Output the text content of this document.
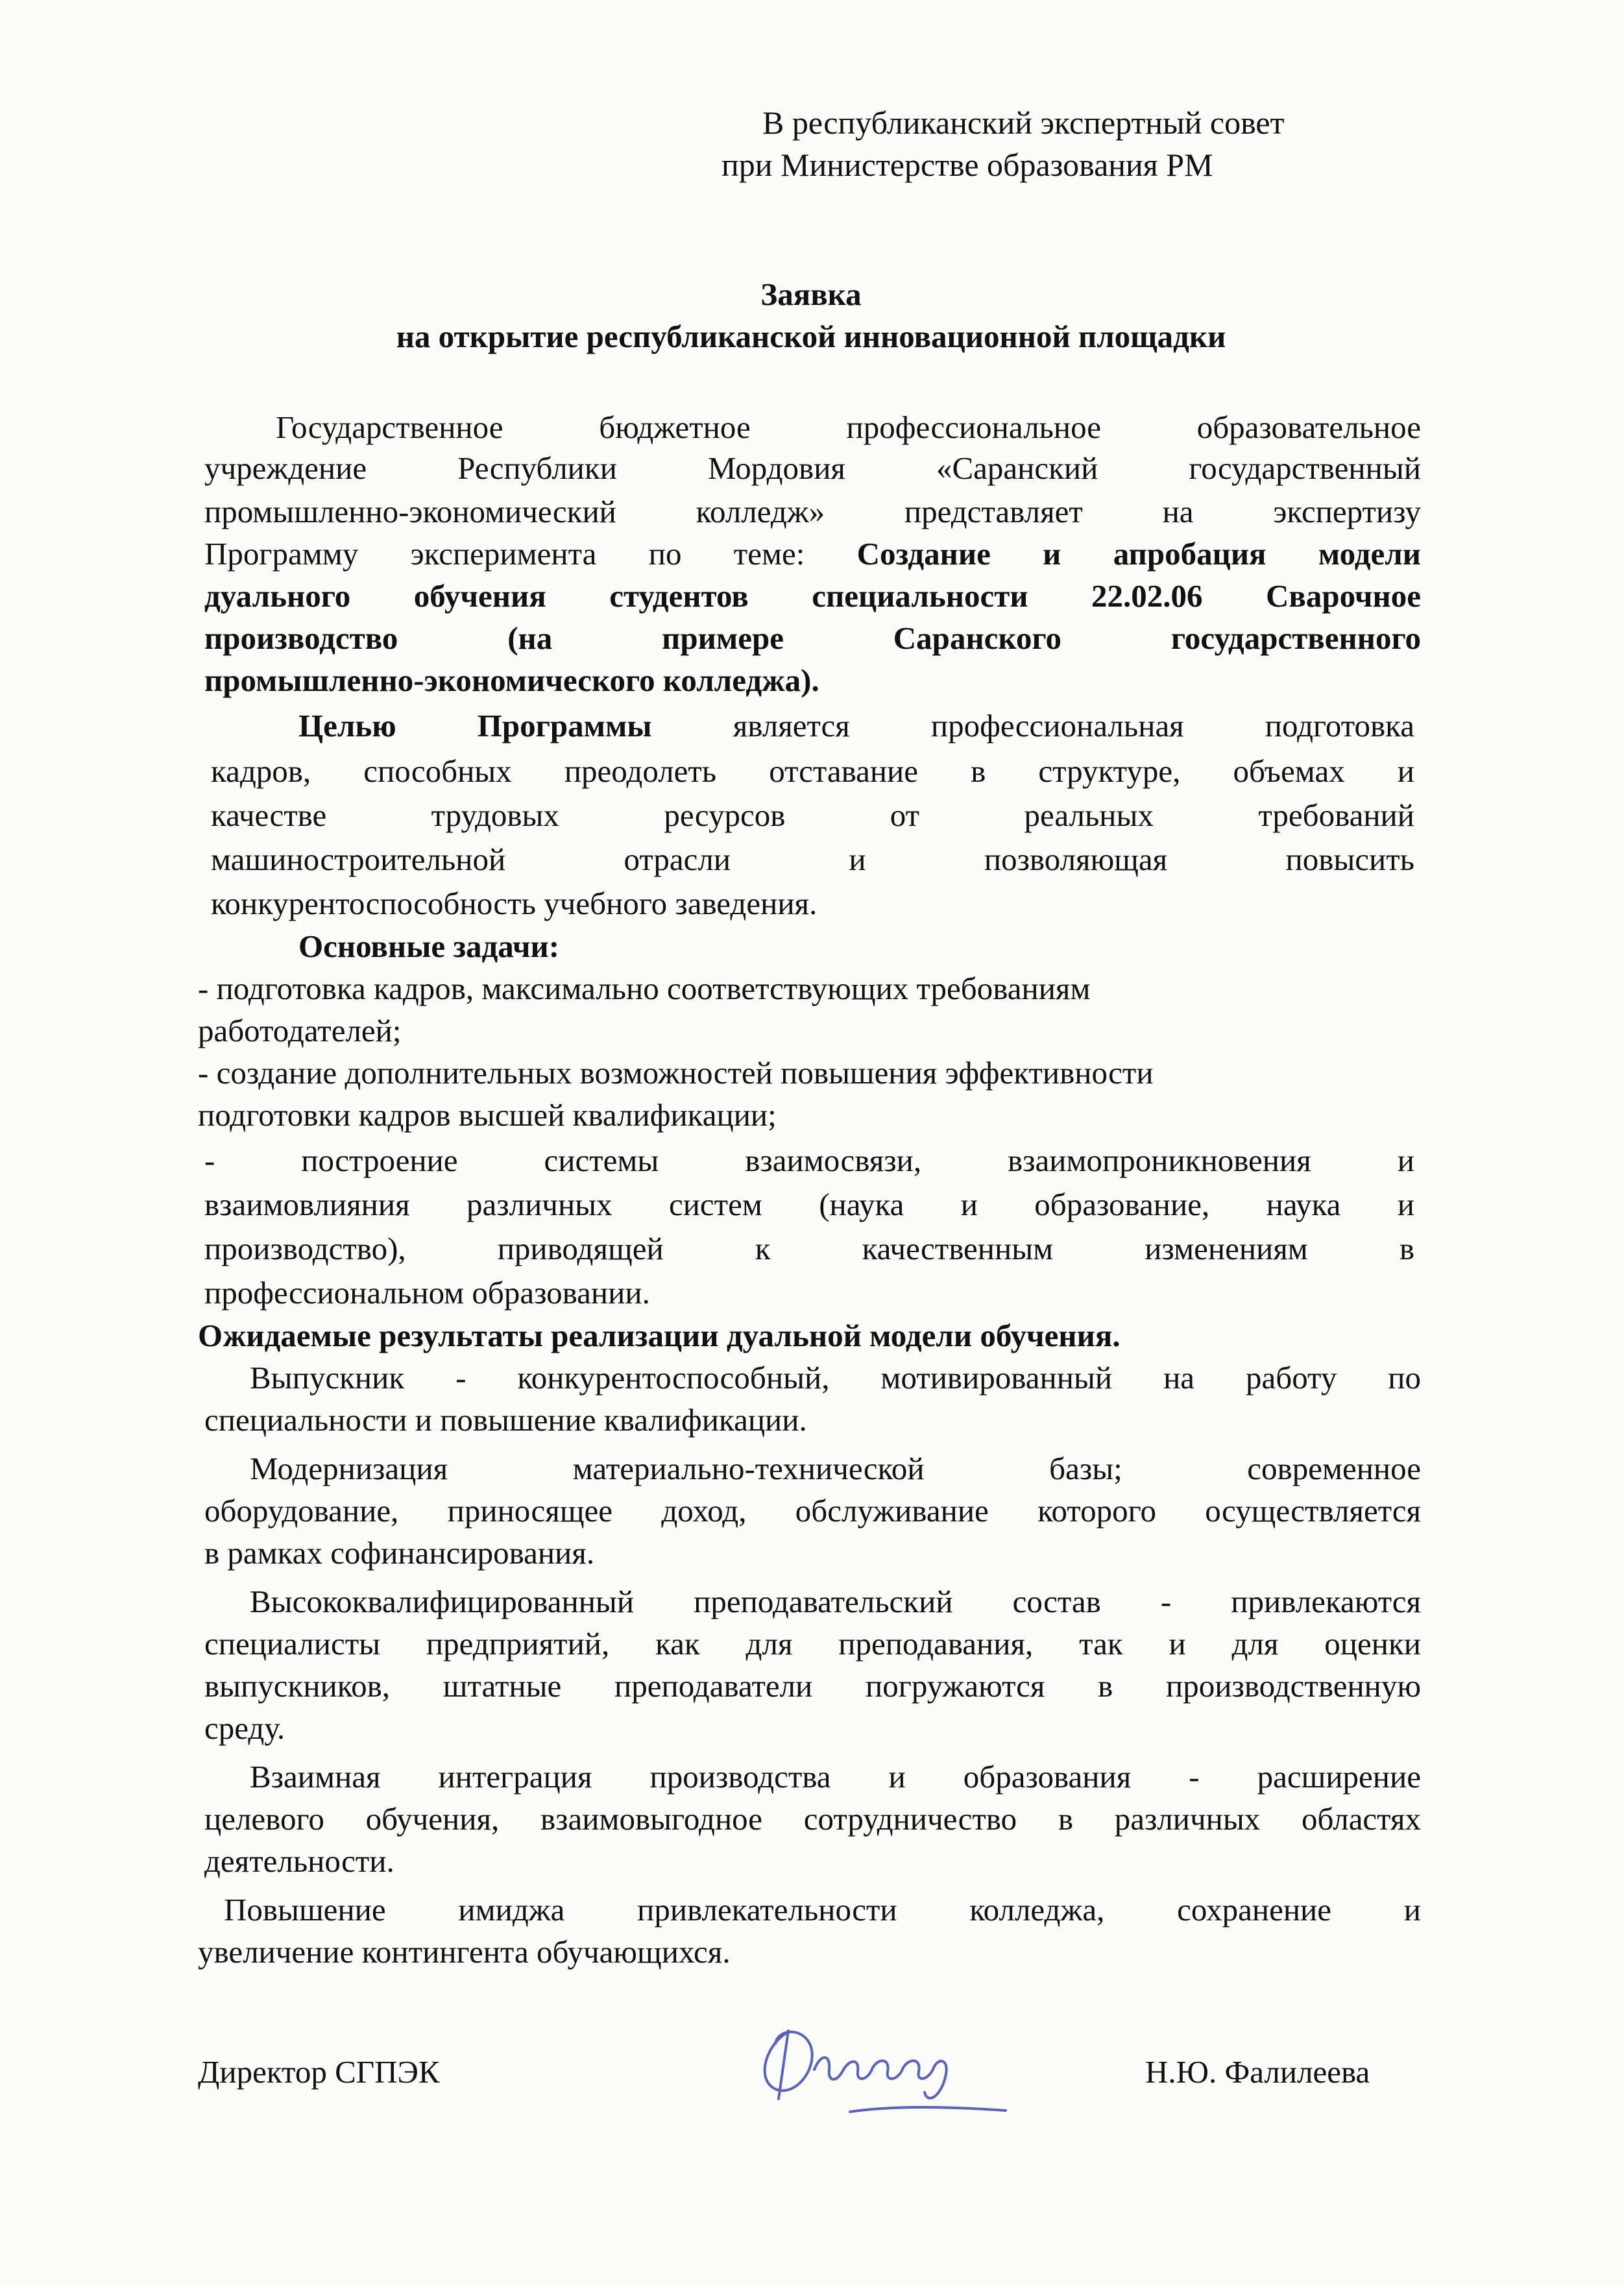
В республиканский экспертный совет
при Министерстве образования РМ
Заявка
на открытие республиканской инновационной площадки
Государственное бюджетное профессиональное образовательное
учреждение Республики Мордовия «Саранский государственный
промышленно-экономический колледж» представляет на экспертизу
Программу эксперимента по теме: Создание и апробация модели
дуального обучения студентов специальности 22.02.06 Сварочное
производство (на примере Саранского государственного
промышленно-экономического колледжа).
Целью Программы является профессиональная подготовка
кадров, способных преодолеть отставание в структуре, объемах и
качестве трудовых ресурсов от реальных требований
машиностроительной отрасли и позволяющая повысить
конкурентоспособность учебного заведения.
Основные задачи:
- подготовка кадров, максимально соответствующих требованиям
работодателей;
- создание дополнительных возможностей повышения эффективности
подготовки кадров высшей квалификации;
- построение системы взаимосвязи, взаимопроникновения и
взаимовлияния различных систем (наука и образование, наука и
производство), приводящей к качественным изменениям в
профессиональном образовании.
Ожидаемые результаты реализации дуальной модели обучения.
Выпускник - конкурентоспособный, мотивированный на работу по
специальности и повышение квалификации.
Модернизация материально-технической базы; современное
оборудование, приносящее доход, обслуживание которого осуществляется
в рамках софинансирования.
Высококвалифицированный преподавательский состав - привлекаются
специалисты предприятий, как для преподавания, так и для оценки
выпускников, штатные преподаватели погружаются в производственную
среду.
Взаимная интеграция производства и образования - расширение
целевого обучения, взаимовыгодное сотрудничество в различных областях
деятельности.
Повышение имиджа привлекательности колледжа, сохранение и
увеличение контингента обучающихся.
Директор СГПЭК	Н.Ю. Фалилеева
